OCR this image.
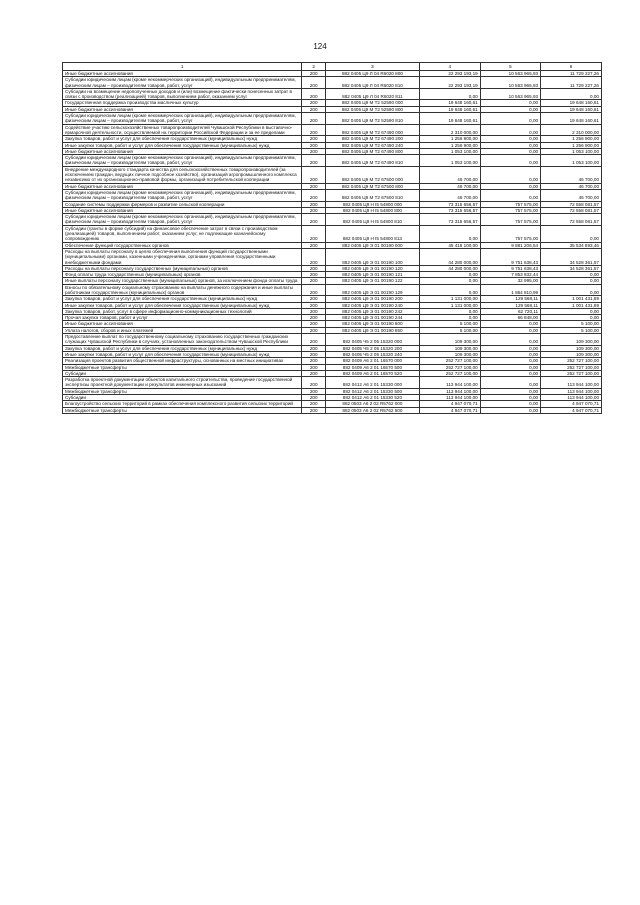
124
1	2	3	4	5	6
Иные бюджетные ассигнования	200	882 0405 Ц9 Л 04 R6020 800	22 293 193,19	10 563 965,93	11 729 227,26
Субсидии юридическим лицам (кроме некоммерческих организаций), индивидуальным предпринимателям, физическим лицам – производителям товаров, работ, услуг	200	882 0405 Ц9 Л 04 R6020 810	22 293 193,19	10 563 965,93	11 729 227,26
Субсидии на возмещение недополученных доходов и (или) возмещение фактически понесенных затрат в связи с производством (реализацией) товаров, выполнением работ, оказанием услуг	200	882 0405 Ц9 Л 04 R6020 811	0,00	10 563 965,93	0,00
Государственная поддержка производства масличных культур	200	882 0405 Ц9 М Т2 52590 000	19 648 160,61	0,00	19 648 160,61
Иные бюджетные ассигнования	200	882 0405 Ц9 М Т2 52590 800	19 648 160,61	0,00	19 648 160,61
Субсидии юридическим лицам (кроме некоммерческих организаций), индивидуальным предпринимателям, физическим лицам – производителям товаров, работ, услуг	200	882 0405 Ц9 М Т2 52590 810	19 648 160,61	0,00	19 648 160,61
Содействие участию сельскохозяйственных товаропроизводителей Чувашской Республики в выставочно-ярмарочной деятельности, осуществляемой на территории Российской Федерации и за ее пределами	200	882 0405 Ц9 М Т2 67490 000	2 310 000,00	0,00	2 310 000,00
Закупка товаров, работ и услуг для обеспечения государственных (муниципальных) нужд	200	882 0405 Ц9 М Т2 67490 200	1 256 900,00	0,00	1 256 900,00
Иные закупки товаров, работ и услуг для обеспечения государственных (муниципальных) нужд	200	882 0405 Ц9 М Т2 67490 240	1 256 900,00	0,00	1 256 900,00
Иные бюджетные ассигнования	200	882 0405 Ц9 М Т2 67490 800	1 053 100,00	0,00	1 053 100,00
Субсидии юридическим лицам (кроме некоммерческих организаций), индивидуальным предпринимателям, физическим лицам – производителям товаров, работ, услуг	200	882 0405 Ц9 М Т2 67490 810	1 053 100,00	0,00	1 053 100,00
Внедрение международного стандарта качества для сельскохозяйственных товаропроизводителей (за исключением граждан, ведущих личное подсобное хозяйство), организаций агропромышленного комплекса независимо от их организационно-правовой формы, организаций потребительской кооперации	200	882 0405 Ц9 М Т2 67500 000	46 700,00	0,00	46 700,00
Иные бюджетные ассигнования	200	882 0405 Ц9 М Т2 67500 800	46 700,00	0,00	46 700,00
Субсидии юридическим лицам (кроме некоммерческих организаций), индивидуальным предпринимателям, физическим лицам – производителям товаров, работ, услуг	200	882 0405 Ц9 М Т2 67500 810	46 700,00	0,00	46 700,00
Создание системы поддержки фермеров и развитие сельской кооперации	200	882 0405 Ц9 Н I5 54800 000	73 315 656,57	757 575,00	72 558 081,57
Иные бюджетные ассигнования	200	882 0405 Ц9 Н I5 54800 800	73 315 656,57	757 575,00	72 558 081,57
Субсидии юридическим лицам (кроме некоммерческих организаций), индивидуальным предпринимателям, физическим лицам – производителям товаров, работ, услуг	200	882 0405 Ц9 Н I5 54800 810	73 315 656,57	757 575,00	72 558 081,57
Субсидии (гранты в форме субсидий) на финансовое обеспечение затрат в связи с производством (реализацией) товаров, выполнением работ, оказанием услуг, не подлежащие казначейскому сопровождению	200	882 0405 Ц9 Н I5 54800 813	0,00	757 575,00	0,00
Обеспечение функций государственных органов	200	882 0405 Ц9 Э 01 00190 000	45 416 100,00	9 881 206,54	35 534 893,46
Расходы на выплаты персоналу в целях обеспечения выполнения функций государственными (муниципальными) органами, казенными учреждениями, органами управления государственными внебюджетными фондами	200	882 0405 Ц9 Э 01 00190 100	44 280 000,00	9 751 638,43	34 528 361,57
Расходы на выплаты персоналу государственных (муниципальных) органов	200	882 0405 Ц9 Э 01 00190 120	44 280 000,00	9 751 638,43	34 528 361,57
Фонд оплаты труда государственных (муниципальных) органов	200	882 0405 Ц9 Э 01 00190 121	0,00	7 853 832,44	0,00
Иные выплаты персоналу государственных (муниципальных) органов, за исключением фонда оплаты труда	200	882 0405 Ц9 Э 01 00190 122	0,00	32 995,00	0,00
Взносы по обязательному социальному страхованию на выплаты денежного содержания и иные выплаты работникам государственных (муниципальных) органов	200	882 0405 Ц9 Э 01 00190 129	0,00	1 864 810,99	0,00
Закупка товаров, работ и услуг для обеспечения государственных (муниципальных) нужд	200	882 0405 Ц9 Э 01 00190 200	1 131 000,00	129 568,11	1 001 431,89
Иные закупки товаров, работ и услуг для обеспечения государственных (муниципальных) нужд	200	882 0405 Ц9 Э 01 00190 240	1 131 000,00	129 568,11	1 001 431,89
Закупка товаров, работ, услуг в сфере информационно-коммуникационных технологий	200	882 0405 Ц9 Э 01 00190 242	0,00	62 720,11	0,00
Прочая закупка товаров, работ и услуг	200	882 0405 Ц9 Э 01 00190 244	0,00	66 848,00	0,00
Иные бюджетные ассигнования	200	882 0405 Ц9 Э 01 00190 800	5 100,00	0,00	5 100,00
Уплата налогов, сборов и иных платежей	200	882 0405 Ц9 Э 01 00190 850	5 100,00	0,00	5 100,00
Предоставление выплат по государственному социальному страхованию государственных гражданских служащих Чувашской Республики в случаях, установленных законодательством Чувашской Республики	200	882 0405 Ч5 2 05 15320 000	109 300,00	0,00	109 300,00
Закупка товаров, работ и услуг для обеспечения государственных (муниципальных) нужд	200	882 0405 Ч5 2 05 15320 200	109 300,00	0,00	109 300,00
Иные закупки товаров, работ и услуг для обеспечения государственных (муниципальных) нужд	200	882 0405 Ч5 2 05 15320 240	109 300,00	0,00	109 300,00
Реализация проектов развития общественной инфраструктуры, основанных на местных инициативах	200	882 0409 А6 2 01 16570 000	252 727 100,00	0,00	252 727 100,00
Межбюджетные трансферты	200	882 0409 А6 2 01 16570 500	252 727 100,00	0,00	252 727 100,00
Субсидии	200	882 0409 А6 2 01 16570 520	252 727 100,00	0,00	252 727 100,00
Разработка проектной документации объектов капитального строительства, проведение государственной экспертизы проектной документации и результатов инженерных изысканий	200	882 0412 А6 2 01 15330 000	113 944 100,00	0,00	113 944 100,00
Межбюджетные трансферты	200	882 0412 А6 2 01 15330 500	113 944 100,00	0,00	113 944 100,00
Субсидии	200	882 0412 А6 2 01 15330 520	113 944 100,00	0,00	113 944 100,00
Благоустройство сельских территорий в рамках обеспечения комплексного развития сельских территорий	200	882 0503 А6 2 02 R5762 000	4 947 070,71	0,00	4 947 070,71
Межбюджетные трансферты	200	882 0503 А6 2 02 R5762 500	4 947 070,71	0,00	4 947 070,71
